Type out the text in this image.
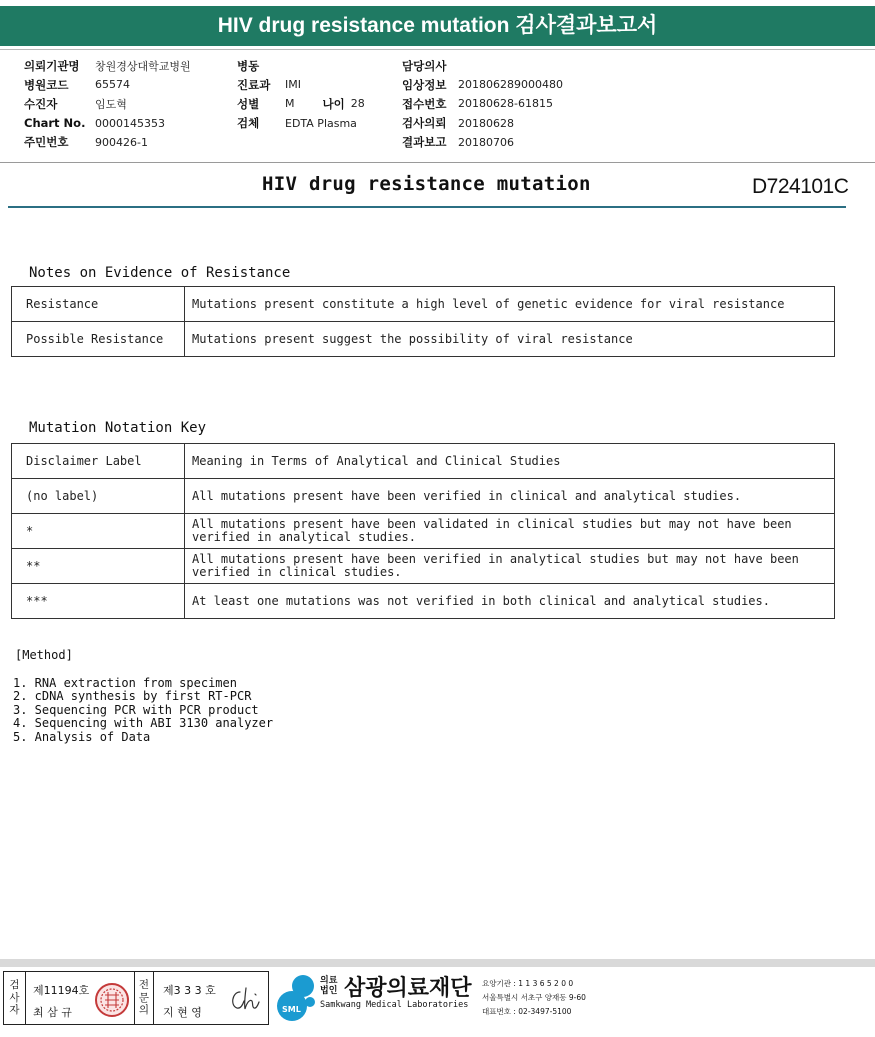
HIV drug resistance mutation 검사결과보고서
의뢰기관명	창원경상대학교병원
병원코드	65574
수진자	임도혁
Chart No. 0000145353
주민번호	900426-1
병동
진료과	IMI
성별	M 나이 28
검체	EDTA Plasma
담당의사
임상정보	201806289000480
접수번호	20180628-61815
검사의뢰	20180628
결과보고	20180706
HIV drug resistance mutation	D724101C
Notes on Evidence of Resistance
Resistance	Mutations present constitute a high level of genetic evidence for viral resistance
Possible Resistance	Mutations present suggest the possibility of viral resistance
Mutation Notation Key
Disclaimer Label	Meaning in Terms of Analytical and Clinical Studies
(no label)	All mutations present have been verified in clinical and analytical studies.
*	All mutations present have been validated in clinical studies but may not have been verified in analytical studies.
**	All mutations present have been verified in analytical studies but may not have been verified in clinical studies.
***	At least one mutations was not verified in both clinical and analytical studies.
[Method]
1. RNA extraction from specimen
2. cDNA synthesis by first RT-PCR
3. Sequencing PCR with PCR product
4. Sequencing with ABI 3130 analyzer
5. Analysis of Data
검
사
자
제11194호
최 삼 규
전
문
의
제3 3 3 호
지 현 영	SML
의료법인 삼광의료재단
Samkwang Medical Laboratories
요양기관 : 1 1 3 6 5 2 0 0
서울특별시 서초구 양재동 9-60
대표번호 : 02-3497-5100
